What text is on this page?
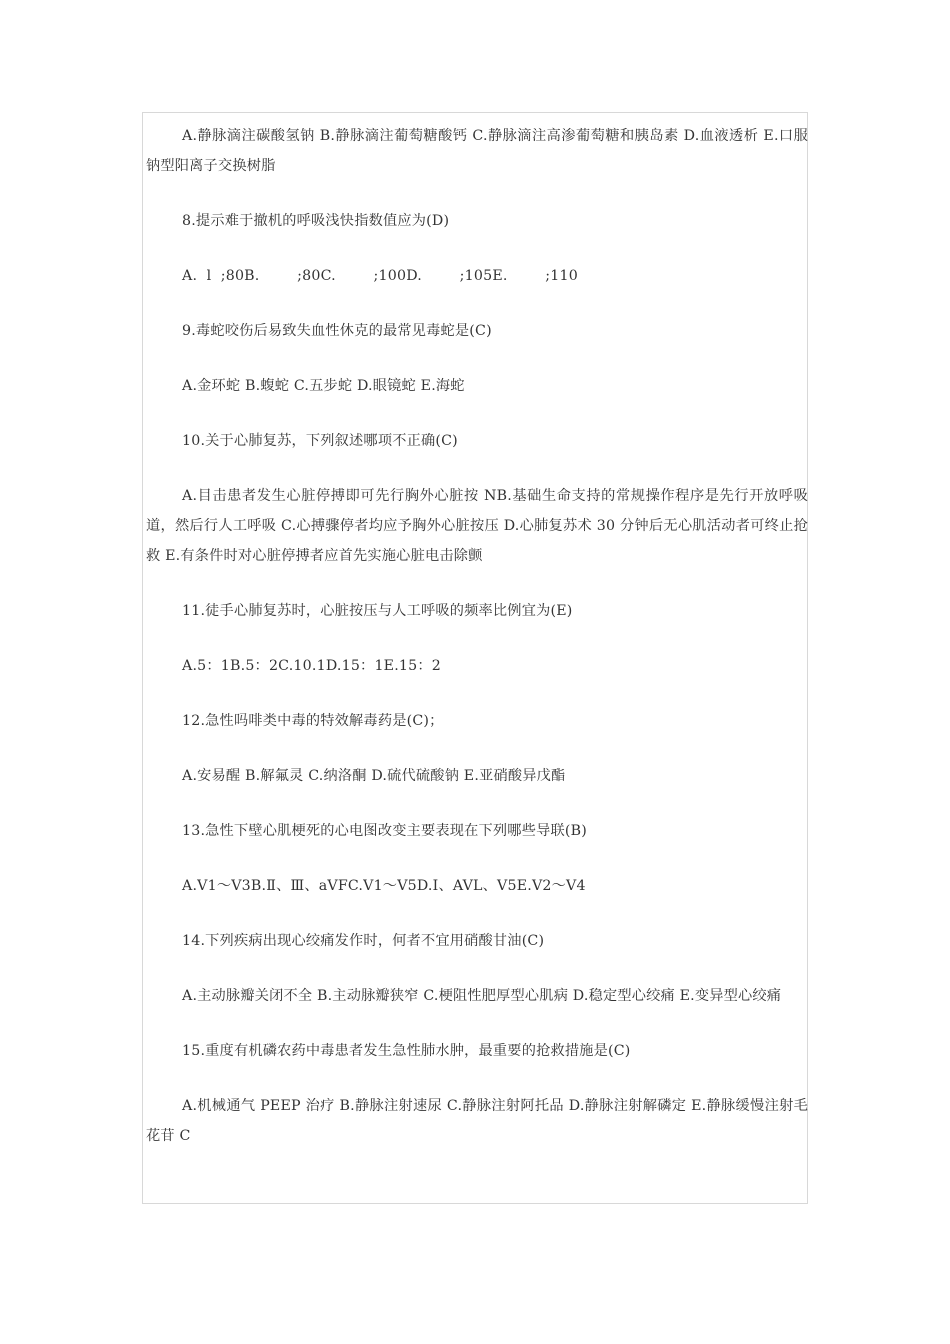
A.静脉滴注碳酸氢钠 B.静脉滴注葡萄糖酸钙 C.静脉滴注高渗葡萄糖和胰岛素 D.血液透析 E.口服钠型阳离子交换树脂

8.提示难于撤机的呼吸浅快指数值应为(D)

A.  l  ;80B.        ;80C.        ;100D.        ;105E.        ;110

9.毒蛇咬伤后易致失血性休克的最常见毒蛇是(C)

A.金环蛇 B.蝮蛇 C.五步蛇 D.眼镜蛇 E.海蛇

10.关于心肺复苏，下列叙述哪项不正确(C)

A.目击患者发生心脏停搏即可先行胸外心脏按 NB.基础生命支持的常规操作程序是先行开放呼吸道，然后行人工呼吸 C.心搏骤停者均应予胸外心脏按压 D.心肺复苏术 30 分钟后无心肌活动者可终止抢救 E.有条件时对心脏停搏者应首先实施心脏电击除颤

11.徒手心肺复苏时，心脏按压与人工呼吸的频率比例宜为(E)

A.5：1B.5：2C.10.1D.15：1E.15：2

12.急性吗啡类中毒的特效解毒药是(C)；

A.安易醒 B.解氟灵 C.纳洛酮 D.硫代硫酸钠 E.亚硝酸异戊酯

13.急性下壁心肌梗死的心电图改变主要表现在下列哪些导联(B)

A.V1～V3B.Ⅱ、Ⅲ、aVFC.V1～V5D.Ⅰ、AVL、V5E.V2～V4

14.下列疾病出现心绞痛发作时，何者不宜用硝酸甘油(C)

A.主动脉瓣关闭不全 B.主动脉瓣狭窄 C.梗阻性肥厚型心肌病 D.稳定型心绞痛 E.变异型心绞痛

15.重度有机磷农药中毒患者发生急性肺水肿，最重要的抢救措施是(C)

A.机械通气 PEEP 治疗 B.静脉注射速尿 C.静脉注射阿托品 D.静脉注射解磷定 E.静脉缓慢注射毛花苷 C
